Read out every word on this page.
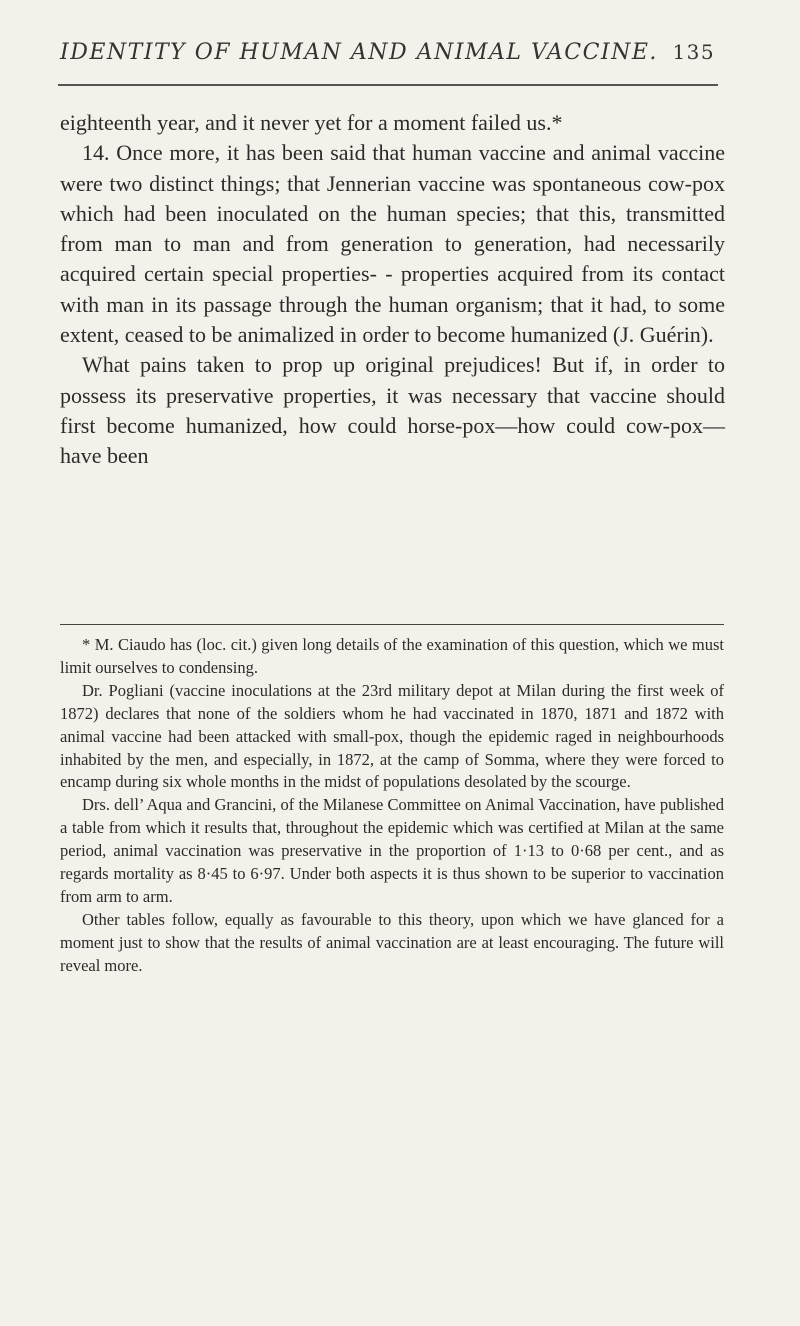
IDENTITY OF HUMAN AND ANIMAL VACCINE. 135

eighteenth year, and it never yet for a moment failed us.*

14. Once more, it has been said that human vaccine and animal vaccine were two distinct things; that Jennerian vaccine was spontaneous cow-pox which had been inoculated on the human species; that this, transmitted from man to man and from generation to generation, had necessarily acquired certain special properties- - properties acquired from its contact with man in its passage through the human organism; that it had, to some extent, ceased to be animalized in order to become humanized (J. Guérin).

What pains taken to prop up original prejudices! But if, in order to possess its preservative properties, it was necessary that vaccine should first become humanized, how could horse-pox—how could cow-pox—have been

* M. Ciaudo has (loc. cit.) given long details of the examination of this question, which we must limit ourselves to condensing.

Dr. Pogliani (vaccine inoculations at the 23rd military depot at Milan during the first week of 1872) declares that none of the soldiers whom he had vaccinated in 1870, 1871 and 1872 with animal vaccine had been attacked with small-pox, though the epidemic raged in neighbourhoods inhabited by the men, and especially, in 1872, at the camp of Somma, where they were forced to encamp during six whole months in the midst of populations desolated by the scourge.

Drs. dell’ Aqua and Grancini, of the Milanese Committee on Animal Vaccination, have published a table from which it results that, throughout the epidemic which was certified at Milan at the same period, animal vaccination was preservative in the proportion of 1·13 to 0·68 per cent., and as regards mortality as 8·45 to 6·97. Under both aspects it is thus shown to be superior to vaccination from arm to arm.

Other tables follow, equally as favourable to this theory, upon which we have glanced for a moment just to show that the results of animal vaccination are at least encouraging. The future will reveal more.
